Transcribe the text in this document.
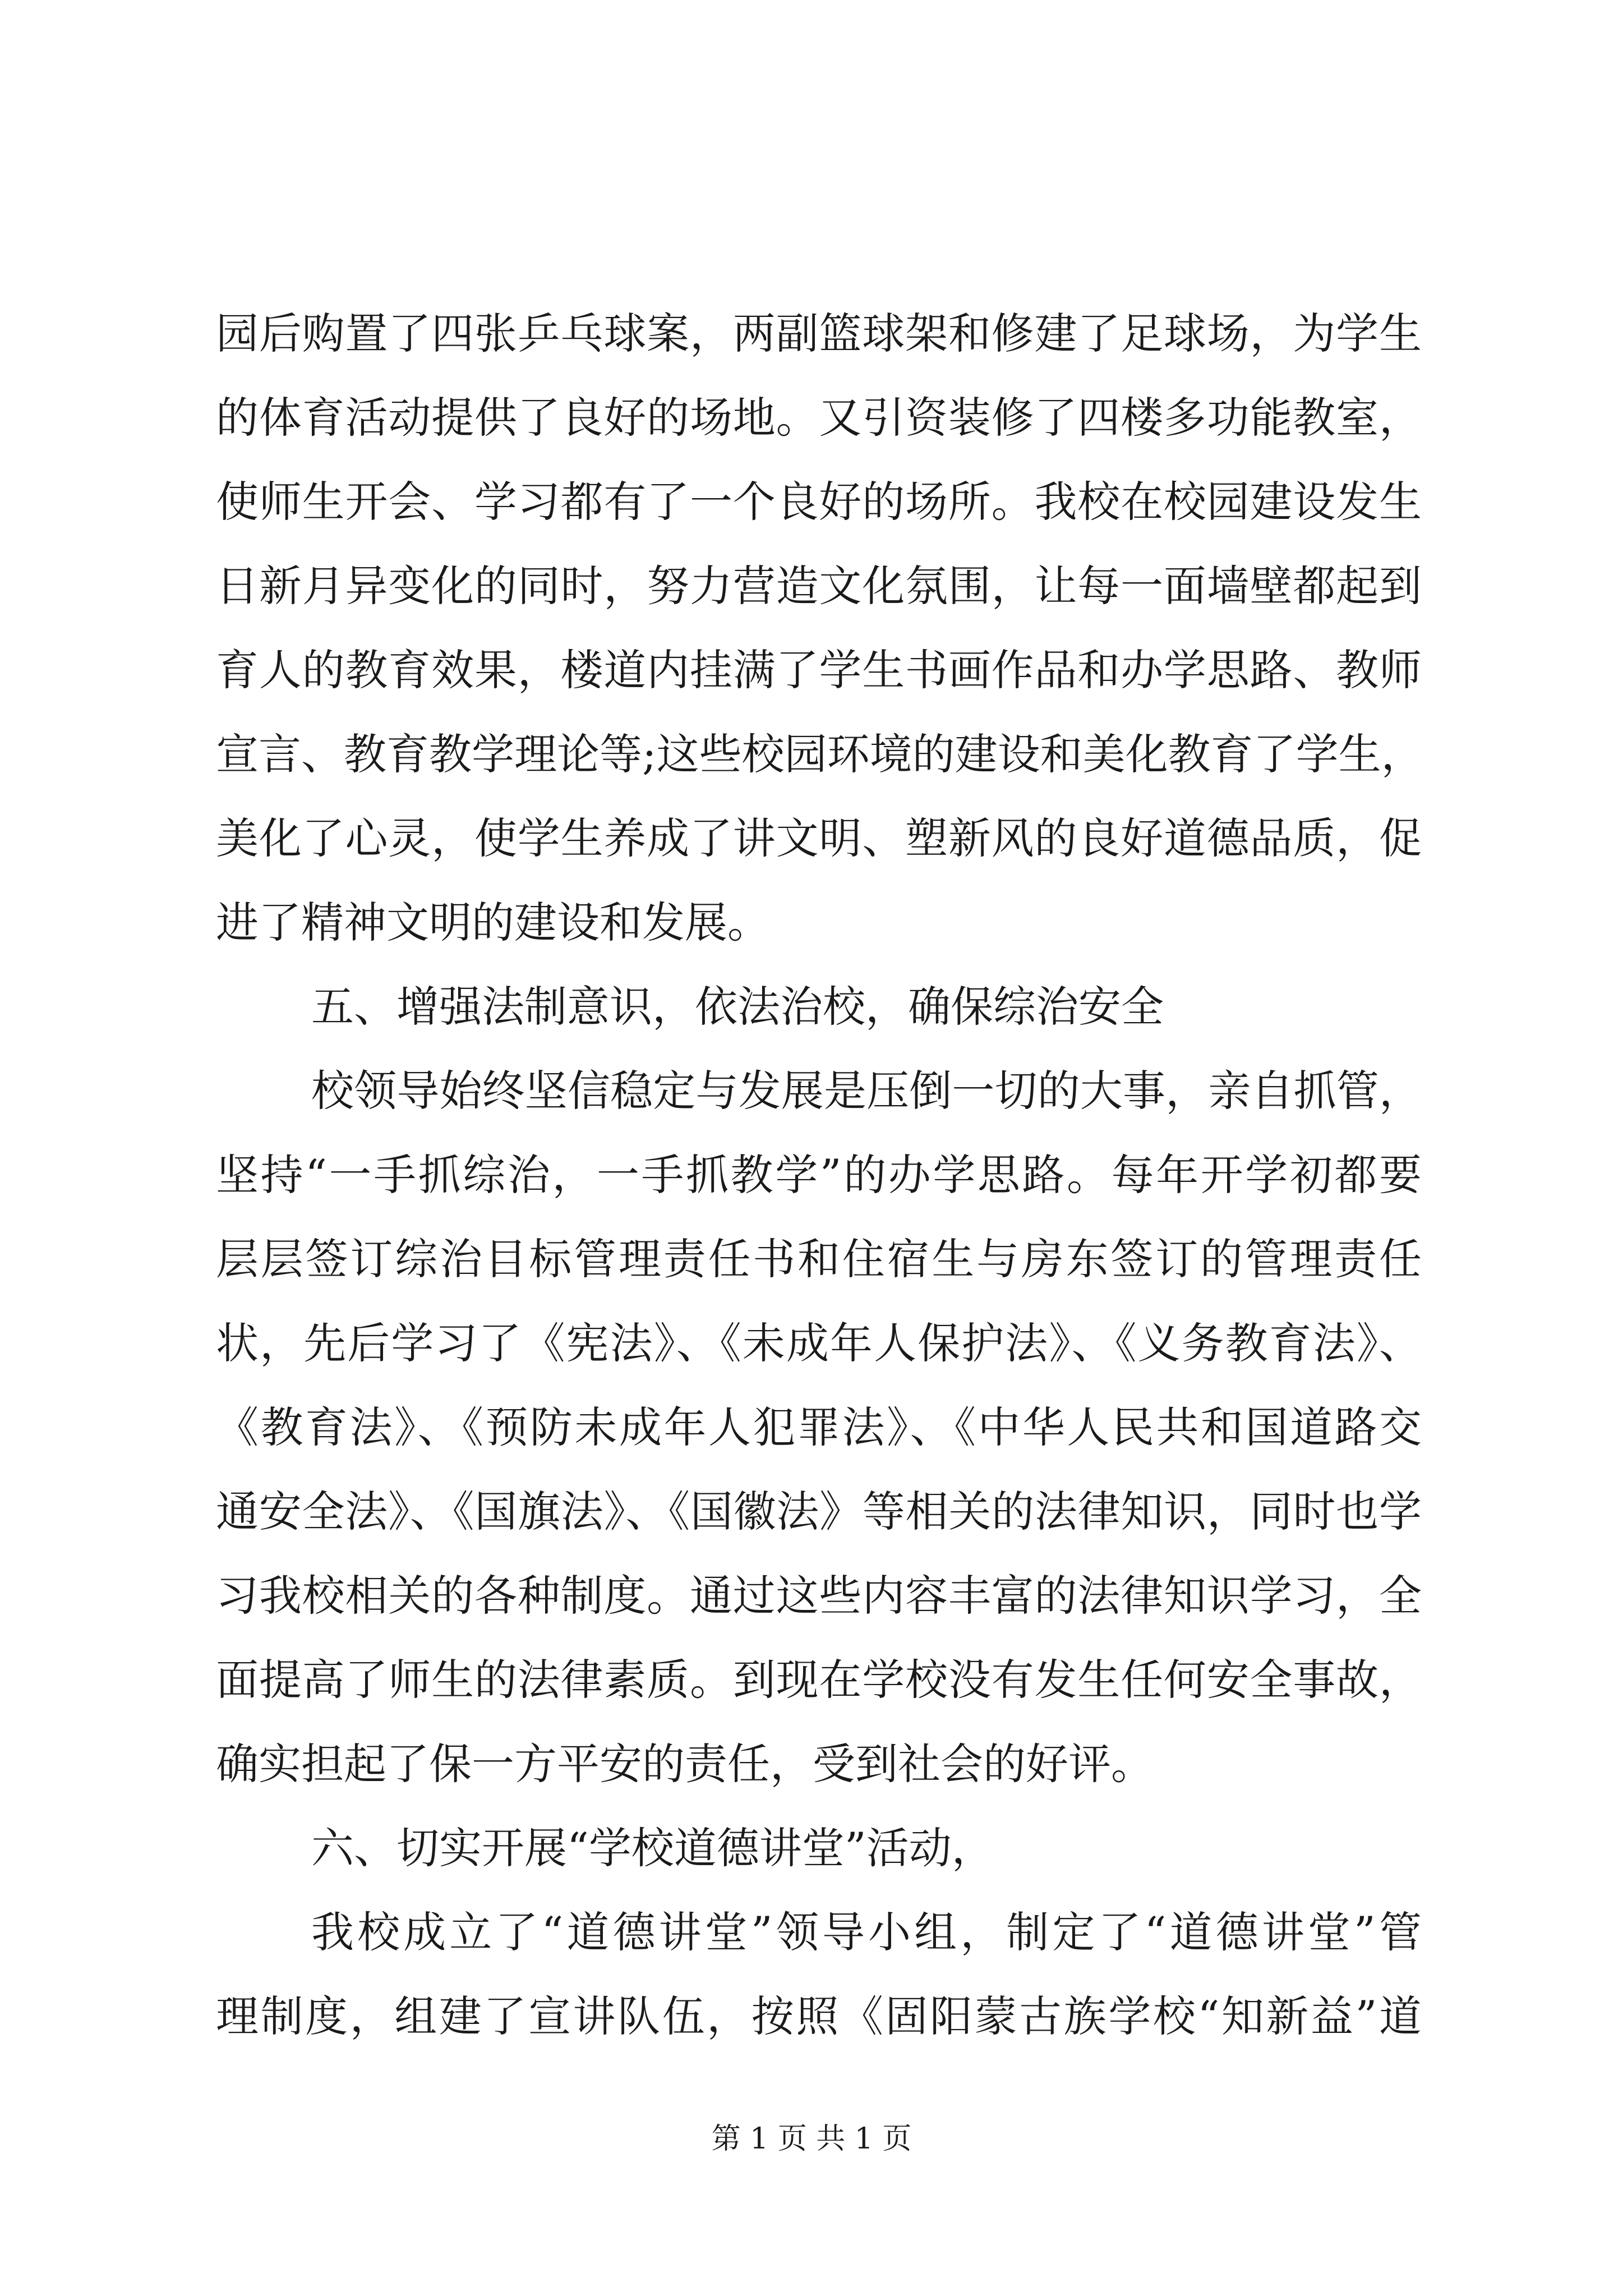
园后购置了四张乒乓球案，两副篮球架和修建了足球场，为学生
的体育活动提供了良好的场地。又引资装修了四楼多功能教室，
使师生开会、学习都有了一个良好的场所。我校在校园建设发生
日新月异变化的同时，努力营造文化氛围，让每一面墙壁都起到
育人的教育效果，楼道内挂满了学生书画作品和办学思路、教师
宣言、教育教学理论等;这些校园环境的建设和美化教育了学生，
美化了心灵，使学生养成了讲文明、塑新风的良好道德品质，促
进了精神文明的建设和发展。
五、增强法制意识，依法治校，确保综治安全
校领导始终坚信稳定与发展是压倒一切的大事，亲自抓管，
坚持“一手抓综治，一手抓教学”的办学思路。每年开学初都要
层层签订综治目标管理责任书和住宿生与房东签订的管理责任
状，先后学习了《宪法》、《未成年人保护法》、《义务教育法》、
《教育法》、《预防未成年人犯罪法》、《中华人民共和国道路交
通安全法》、《国旗法》、《国徽法》等相关的法律知识，同时也学
习我校相关的各种制度。通过这些内容丰富的法律知识学习，全
面提高了师生的法律素质。到现在学校没有发生任何安全事故，
确实担起了保一方平安的责任，受到社会的好评。
六、切实开展“学校道德讲堂”活动，
我校成立了“道德讲堂”领导小组，制定了“道德讲堂”管
理制度，组建了宣讲队伍，按照《固阳蒙古族学校“知新益”道
第 1 页 共 1 页
